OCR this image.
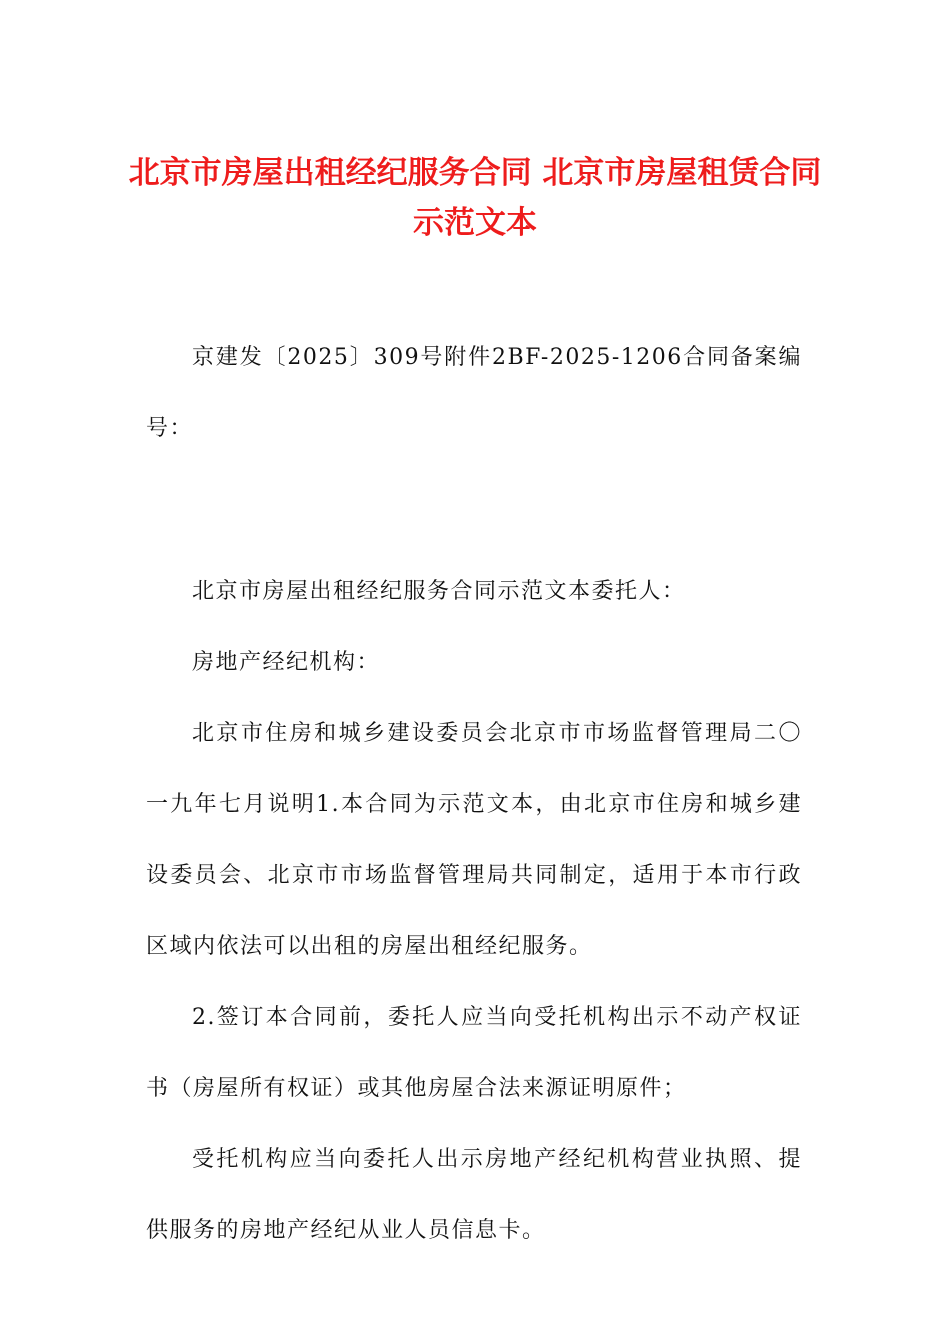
北京市房屋出租经纪服务合同 北京市房屋租赁合同示范文本

京建发〔2025〕309号附件2BF-2025-1206合同备案编号：

北京市房屋出租经纪服务合同示范文本委托人：

房地产经纪机构：

北京市住房和城乡建设委员会北京市市场监督管理局二〇一九年七月说明1.本合同为示范文本，由北京市住房和城乡建设委员会、北京市市场监督管理局共同制定，适用于本市行政区域内依法可以出租的房屋出租经纪服务。

2.签订本合同前，委托人应当向受托机构出示不动产权证书（房屋所有权证）或其他房屋合法来源证明原件；

受托机构应当向委托人出示房地产经纪机构营业执照、提供服务的房地产经纪从业人员信息卡。
